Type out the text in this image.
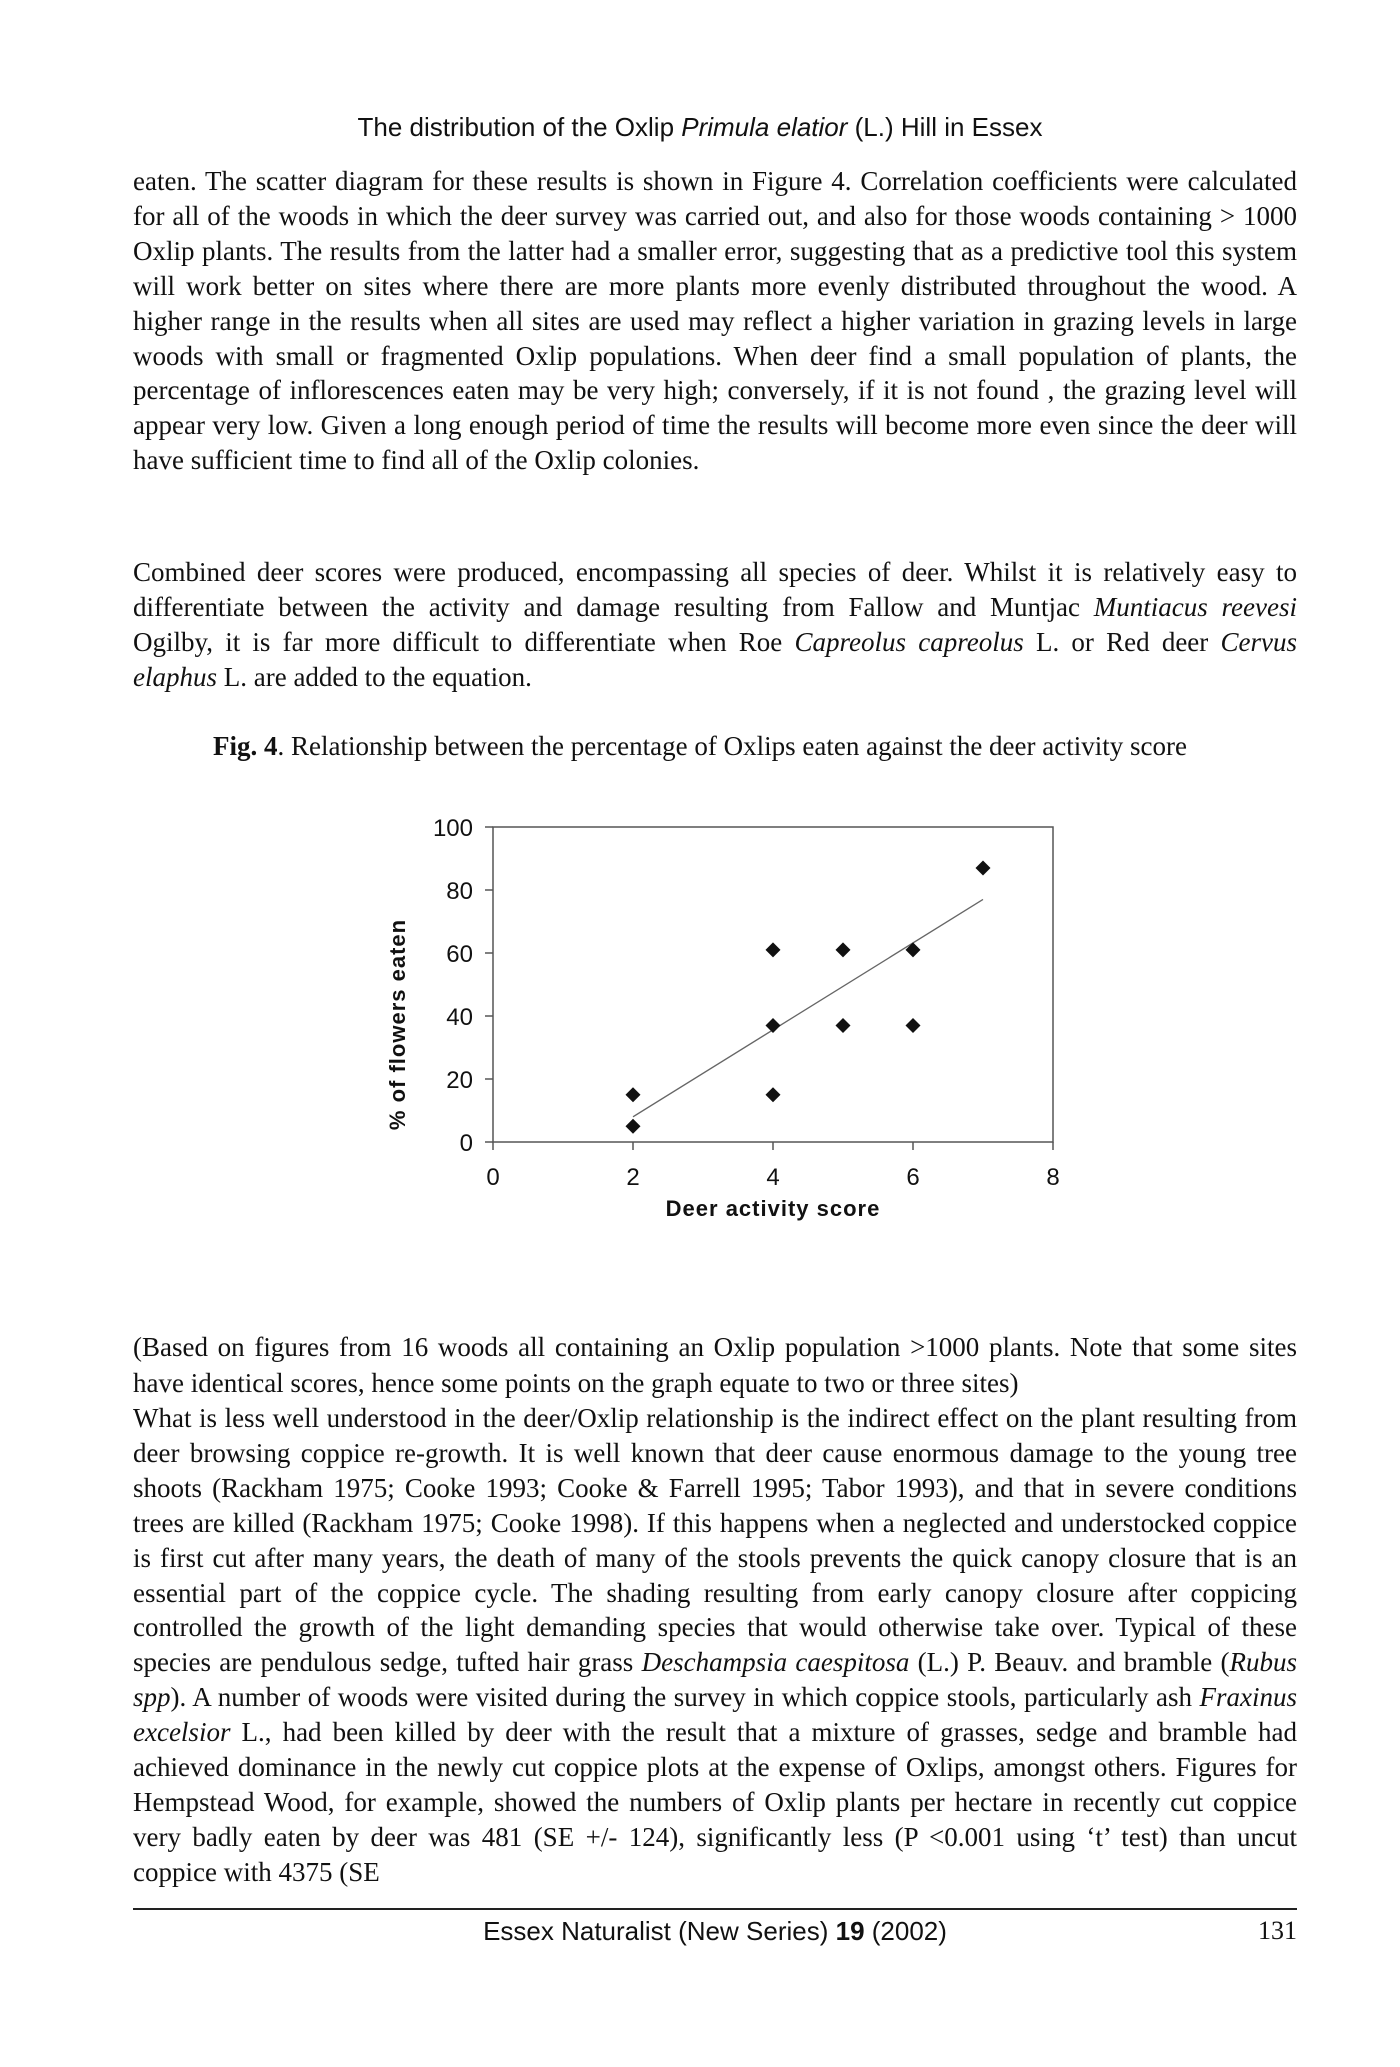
The distribution of the Oxlip Primula elatior (L.) Hill in Essex

eaten. The scatter diagram for these results is shown in Figure 4. Correlation coefficients were calculated for all of the woods in which the deer survey was carried out, and also for those woods containing > 1000 Oxlip plants. The results from the latter had a smaller error, suggesting that as a predictive tool this system will work better on sites where there are more plants more evenly distributed throughout the wood. A higher range in the results when all sites are used may reflect a higher variation in grazing levels in large woods with small or fragmented Oxlip populations. When deer find a small population of plants, the percentage of inflorescences eaten may be very high; conversely, if it is not found , the grazing level will appear very low. Given a long enough period of time the results will become more even since the deer will have sufficient time to find all of the Oxlip colonies.

Combined deer scores were produced, encompassing all species of deer. Whilst it is relatively easy to differentiate between the activity and damage resulting from Fallow and Muntjac Muntiacus reevesi Ogilby, it is far more difficult to differentiate when Roe Capreolus capreolus L. or Red deer Cervus elaphus L. are added to the equation.

Fig. 4. Relationship between the percentage of Oxlips eaten against the deer activity score
0
20
40
60
80
100
0	2	4	6	8
Deer activity score
% of flowers eaten

(Based on figures from 16 woods all containing an Oxlip population >1000 plants. Note that some sites have identical scores, hence some points on the graph equate to two or three sites)

What is less well understood in the deer/Oxlip relationship is the indirect effect on the plant resulting from deer browsing coppice re-growth. It is well known that deer cause enormous damage to the young tree shoots (Rackham 1975; Cooke 1993; Cooke & Farrell 1995; Tabor 1993), and that in severe conditions trees are killed (Rackham 1975; Cooke 1998). If this happens when a neglected and understocked coppice is first cut after many years, the death of many of the stools prevents the quick canopy closure that is an essential part of the coppice cycle. The shading resulting from early canopy closure after coppicing controlled the growth of the light demanding species that would otherwise take over. Typical of these species are pendulous sedge, tufted hair grass Deschampsia caespitosa (L.) P. Beauv. and bramble (Rubus spp). A number of woods were visited during the survey in which coppice stools, particularly ash Fraxinus excelsior L., had been killed by deer with the result that a mixture of grasses, sedge and bramble had achieved dominance in the newly cut coppice plots at the expense of Oxlips, amongst others. Figures for Hempstead Wood, for example, showed the numbers of Oxlip plants per hectare in recently cut coppice very badly eaten by deer was 481 (SE +/- 124), significantly less (P <0.001 using ‘t’ test) than uncut coppice with 4375 (SE

Essex Naturalist (New Series) 19 (2002)	131
